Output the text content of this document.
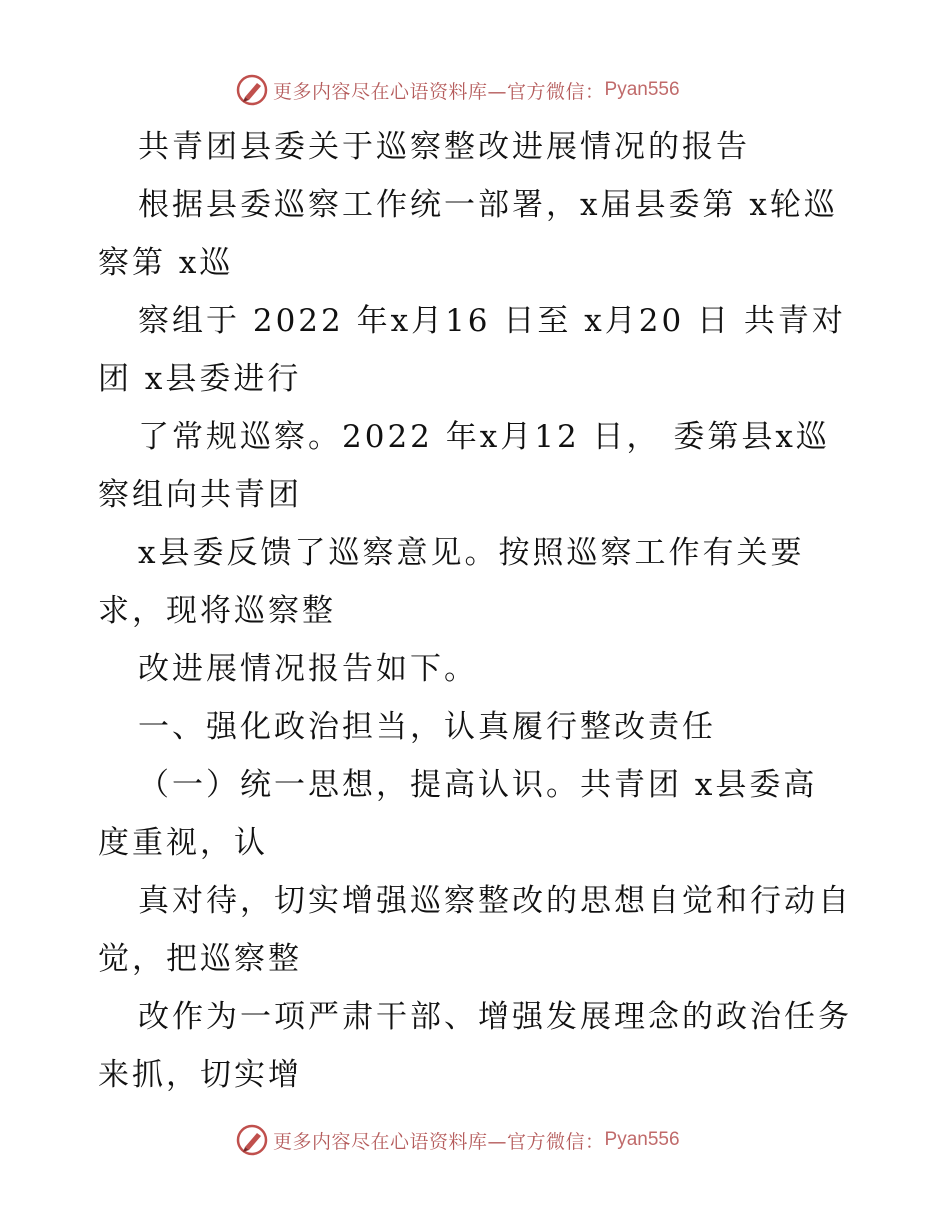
更多内容尽在心语资料库—官方微信： Pyan556

共青团县委关于巡察整改进展情况的报告

根据县委巡察工作统一部署，x届县委第 x轮巡

察第 x巡

察组于 2022 年x月16 日至 x月20 日 共青对

团 x县委进行

了常规巡察。2022 年x月12 日， 委第县x巡

察组向共青团

x县委反馈了巡察意见。按照巡察工作有关要

求，现将巡察整

改进展情况报告如下。

一、强化政治担当，认真履行整改责任

（一）统一思想，提高认识。共青团 x县委高

度重视，认

真对待，切实增强巡察整改的思想自觉和行动自

觉，把巡察整

改作为一项严肃干部、增强发展理念的政治任务

来抓，切实增

更多内容尽在心语资料库—官方微信： Pyan556
